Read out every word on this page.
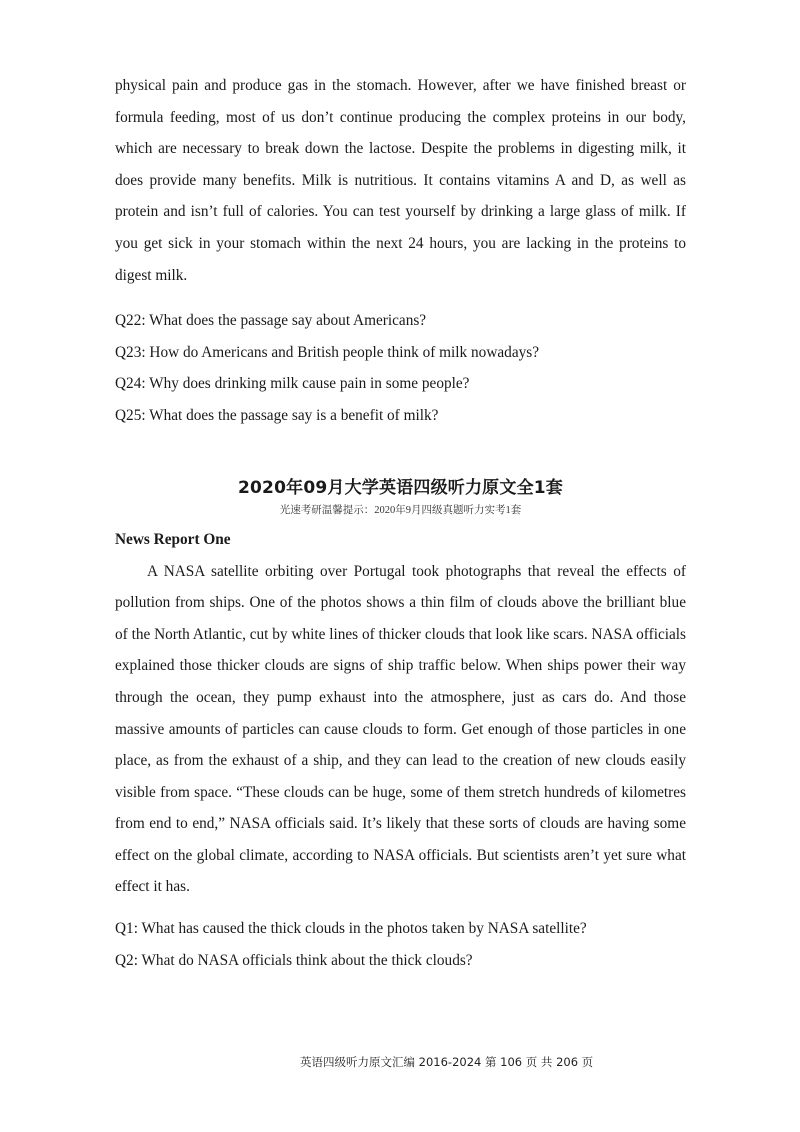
physical pain and produce gas in the stomach. However, after we have finished breast or formula feeding, most of us don’t continue producing the complex proteins in our body, which are necessary to break down the lactose. Despite the problems in digesting milk, it does provide many benefits. Milk is nutritious. It contains vitamins A and D, as well as protein and isn’t full of calories. You can test yourself by drinking a large glass of milk. If you get sick in your stomach within the next 24 hours, you are lacking in the proteins to digest milk.

Q22: What does the passage say about Americans?

Q23: How do Americans and British people think of milk nowadays?

Q24: Why does drinking milk cause pain in some people?

Q25: What does the passage say is a benefit of milk?

2020年09月大学英语四级听力原文全1套

光速考研温馨提示：2020年9月四级真题听力实考1套

News Report One

A NASA satellite orbiting over Portugal took photographs that reveal the effects of pollution from ships. One of the photos shows a thin film of clouds above the brilliant blue of the North Atlantic, cut by white lines of thicker clouds that look like scars. NASA officials explained those thicker clouds are signs of ship traffic below. When ships power their way through the ocean, they pump exhaust into the atmosphere, just as cars do. And those massive amounts of particles can cause clouds to form. Get enough of those particles in one place, as from the exhaust of a ship, and they can lead to the creation of new clouds easily visible from space. “These clouds can be huge, some of them stretch hundreds of kilometres from end to end,” NASA officials said. It’s likely that these sorts of clouds are having some effect on the global climate, according to NASA officials. But scientists aren’t yet sure what effect it has.

Q1: What has caused the thick clouds in the photos taken by NASA satellite?

Q2: What do NASA officials think about the thick clouds?

英语四级听力原文汇编 2016-2024 第 106 页 共 206 页
